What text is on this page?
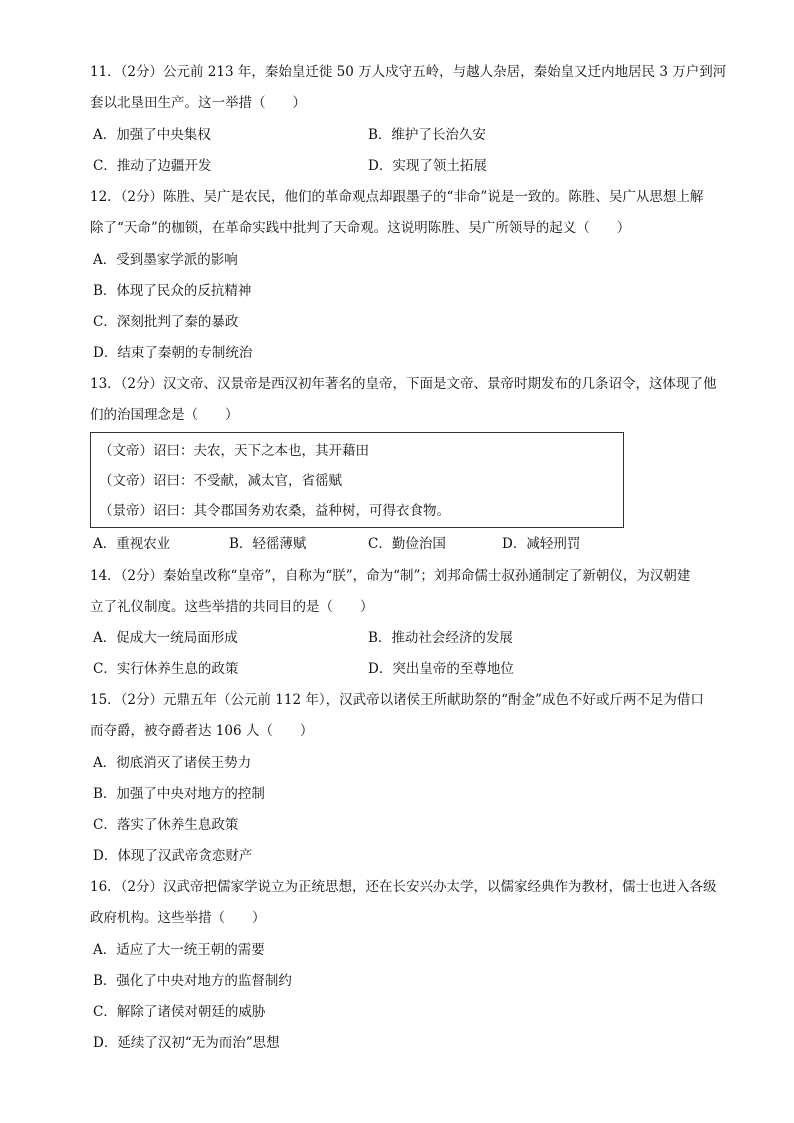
11．（2分）公元前 213 年，秦始皇迁徙 50 万人戍守五岭，与越人杂居，秦始皇又迁内地居民 3 万户到河
套以北垦田生产。这一举措（　　）
A．加强了中央集权	B．维护了长治久安
C．推动了边疆开发	D．实现了领土拓展
12．（2分）陈胜、吴广是农民，他们的革命观点却跟墨子的“非命”说是一致的。陈胜、吴广从思想上解
除了“天命”的枷锁，在革命实践中批判了天命观。这说明陈胜、吴广所领导的起义（　　）
A．受到墨家学派的影响
B．体现了民众的反抗精神
C．深刻批判了秦的暴政
D．结束了秦朝的专制统治
13．（2分）汉文帝、汉景帝是西汉初年著名的皇帝，下面是文帝、景帝时期发布的几条诏令，这体现了他
们的治国理念是（　　）
（文帝）诏曰：夫农，天下之本也，其开藉田
（文帝）诏曰：不受献，减太官，省徭赋
（景帝）诏曰：其令郡国务劝农桑，益种树，可得衣食物。
A．重视农业	B．轻徭薄赋	C．勤俭治国	D．减轻刑罚
14．（2分）秦始皇改称“皇帝”，自称为“朕”，命为“制”；刘邦命儒士叔孙通制定了新朝仪，为汉朝建
立了礼仪制度。这些举措的共同目的是（　　）
A．促成大一统局面形成	B．推动社会经济的发展
C．实行休养生息的政策	D．突出皇帝的至尊地位
15．（2分）元鼎五年（公元前 112 年），汉武帝以诸侯王所献助祭的“酎金”成色不好或斤两不足为借口
而夺爵，被夺爵者达 106 人（　　）
A．彻底消灭了诸侯王势力
B．加强了中央对地方的控制
C．落实了休养生息政策
D．体现了汉武帝贪恋财产
16．（2分）汉武帝把儒家学说立为正统思想，还在长安兴办太学，以儒家经典作为教材，儒士也进入各级
政府机构。这些举措（　　）
A．适应了大一统王朝的需要
B．强化了中央对地方的监督制约
C．解除了诸侯对朝廷的威胁
D．延续了汉初“无为而治”思想
